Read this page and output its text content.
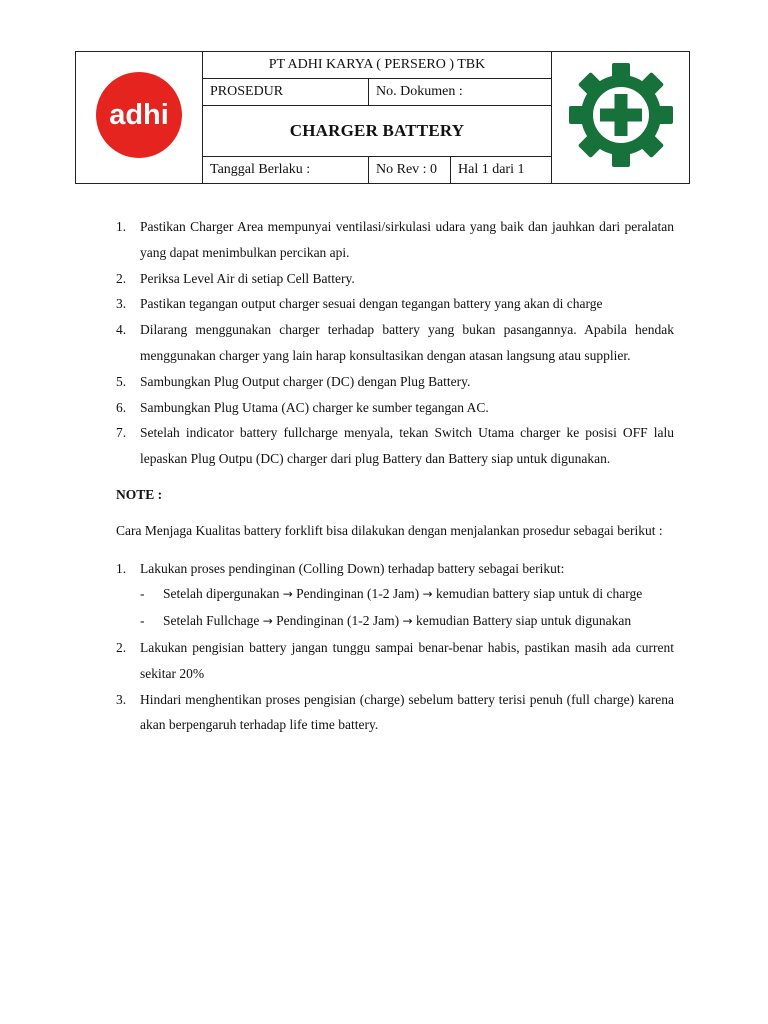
adhi	PT ADHI KARYA ( PERSERO ) TBK	
	PROSEDUR	No. Dokumen :		
	CHARGER BATTERY			
	Tanggal Berlaku :	No Rev : 0	Hal 1 dari 1	
1. Pastikan Charger Area mempunyai ventilasi/sirkulasi udara yang baik dan jauhkan dari peralatan yang dapat menimbulkan percikan api.
2. Periksa Level Air di setiap Cell Battery.
3. Pastikan tegangan output charger sesuai dengan tegangan battery yang akan di charge
4. Dilarang menggunakan charger terhadap battery yang bukan pasangannya. Apabila hendak menggunakan charger yang lain harap konsultasikan dengan atasan langsung atau supplier.
5. Sambungkan Plug Output charger (DC) dengan Plug Battery.
6. Sambungkan Plug Utama (AC) charger ke sumber tegangan AC.
7. Setelah indicator battery fullcharge menyala, tekan Switch Utama charger ke posisi OFF lalu lepaskan Plug Outpu (DC) charger dari plug Battery dan Battery siap untuk digunakan.
NOTE :
Cara Menjaga Kualitas battery forklift bisa dilakukan dengan menjalankan prosedur sebagai berikut :
1. Lakukan proses pendinginan (Colling Down) terhadap battery sebagai berikut:
- Setelah dipergunakan → Pendinginan (1-2 Jam) → kemudian battery siap untuk di charge
- Setelah Fullchage → Pendinginan (1-2 Jam) → kemudian Battery siap untuk digunakan
2. Lakukan pengisian battery jangan tunggu sampai benar-benar habis, pastikan masih ada current sekitar 20%
3. Hindari menghentikan proses pengisian (charge) sebelum battery terisi penuh (full charge) karena akan berpengaruh terhadap life time battery.
